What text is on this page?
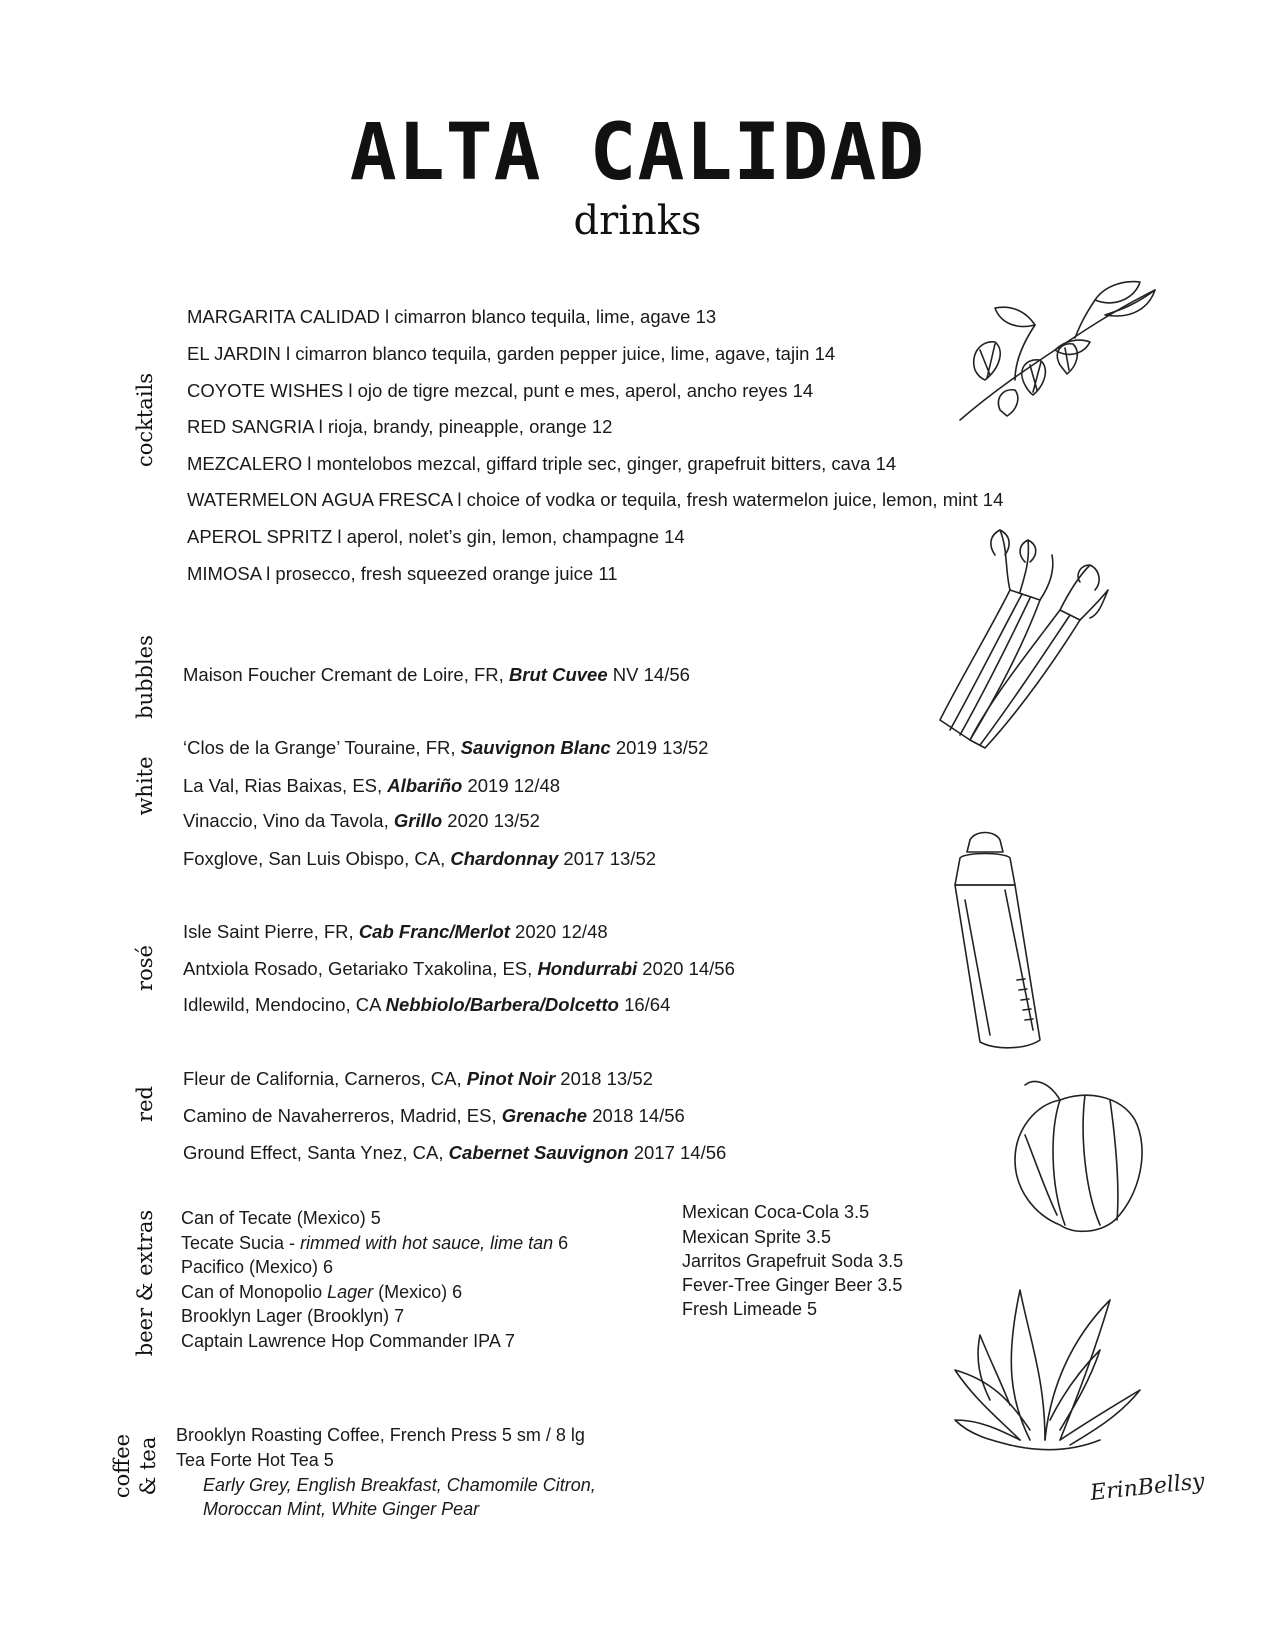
ALTA CALIDAD
drinks
cocktails
MARGARITA CALIDAD l cimarron blanco tequila, lime, agave 13
EL JARDIN l cimarron blanco tequila, garden pepper juice, lime, agave, tajin 14
COYOTE WISHES l ojo de tigre mezcal, punt e mes, aperol, ancho reyes 14
RED SANGRIA l rioja, brandy, pineapple, orange 12
MEZCALERO l montelobos mezcal, giffard triple sec, ginger, grapefruit bitters, cava 14
WATERMELON AGUA FRESCA l choice of vodka or tequila, fresh watermelon juice, lemon, mint 14
APEROL SPRITZ l aperol, nolet’s gin, lemon, champagne 14
MIMOSA l prosecco, fresh squeezed orange juice 11
bubbles Maison Foucher Cremant de Loire, FR, Brut Cuvee NV 14/56
white
‘Clos de la Grange’ Touraine, FR, Sauvignon Blanc 2019 13/52
La Val, Rias Baixas, ES, Albariño 2019 12/48
Vinaccio, Vino da Tavola, Grillo 2020 13/52
Foxglove, San Luis Obispo, CA, Chardonnay 2017 13/52
rosé
Isle Saint Pierre, FR, Cab Franc/Merlot 2020 12/48
Antxiola Rosado, Getariako Txakolina, ES, Hondurrabi 2020 14/56
Idlewild, Mendocino, CA Nebbiolo/Barbera/Dolcetto 16/64
red
Fleur de California, Carneros, CA, Pinot Noir 2018 13/52
Camino de Navaherreros, Madrid, ES, Grenache 2018 14/56
Ground Effect, Santa Ynez, CA, Cabernet Sauvignon 2017 14/56
beer & extras Can of Tecate (Mexico) 5
Tecate Sucia - rimmed with hot sauce, lime tan 6
Pacifico (Mexico) 6
Can of Monopolio Lager (Mexico) 6
Brooklyn Lager (Brooklyn) 7
Captain Lawrence Hop Commander IPA 7
Mexican Coca-Cola 3.5
Mexican Sprite 3.5
Jarritos Grapefruit Soda 3.5
Fever-Tree Ginger Beer 3.5
Fresh Limeade 5
coffee & tea
Brooklyn Roasting Coffee, French Press 5 sm / 8 lg
Tea Forte Hot Tea 5
Early Grey, English Breakfast, Chamomile Citron,
Moroccan Mint, White Ginger Pear
ErinBellsy
